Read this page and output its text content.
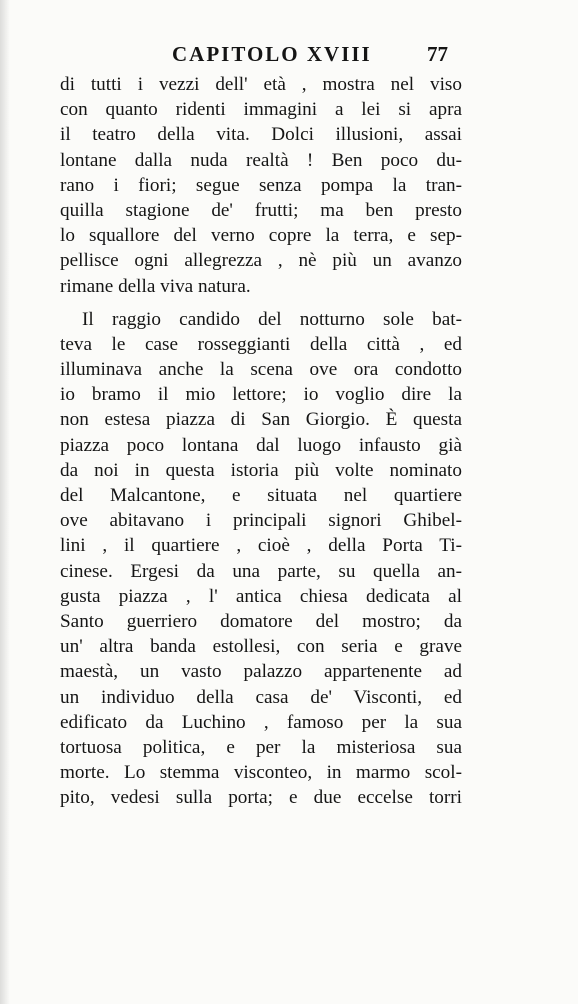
CAPITOLO XVIII	77
di tutti i vezzi dell' età , mostra nel viso
con quanto ridenti immagini a lei si apra
il teatro della vita. Dolci illusioni, assai
lontane dalla nuda realtà ! Ben poco du-
rano i fiori; segue senza pompa la tran-
quilla stagione de' frutti; ma ben presto
lo squallore del verno copre la terra, e sep-
pellisce ogni allegrezza , nè più un avanzo
rimane della viva natura.
Il raggio candido del notturno sole bat-
teva le case rosseggianti della città , ed
illuminava anche la scena ove ora condotto
io bramo il mio lettore; io voglio dire la
non estesa piazza di San Giorgio. È questa
piazza poco lontana dal luogo infausto già
da noi in questa istoria più volte nominato
del Malcantone, e situata nel quartiere
ove abitavano i principali signori Ghibel-
lini , il quartiere , cioè , della Porta Ti-
cinese. Ergesi da una parte, su quella an-
gusta piazza , l' antica chiesa dedicata al
Santo guerriero domatore del mostro; da
un' altra banda estollesi, con seria e grave
maestà, un vasto palazzo appartenente ad
un individuo della casa de' Visconti, ed
edificato da Luchino , famoso per la sua
tortuosa politica, e per la misteriosa sua
morte. Lo stemma visconteo, in marmo scol-
pito, vedesi sulla porta; e due eccelse torri
